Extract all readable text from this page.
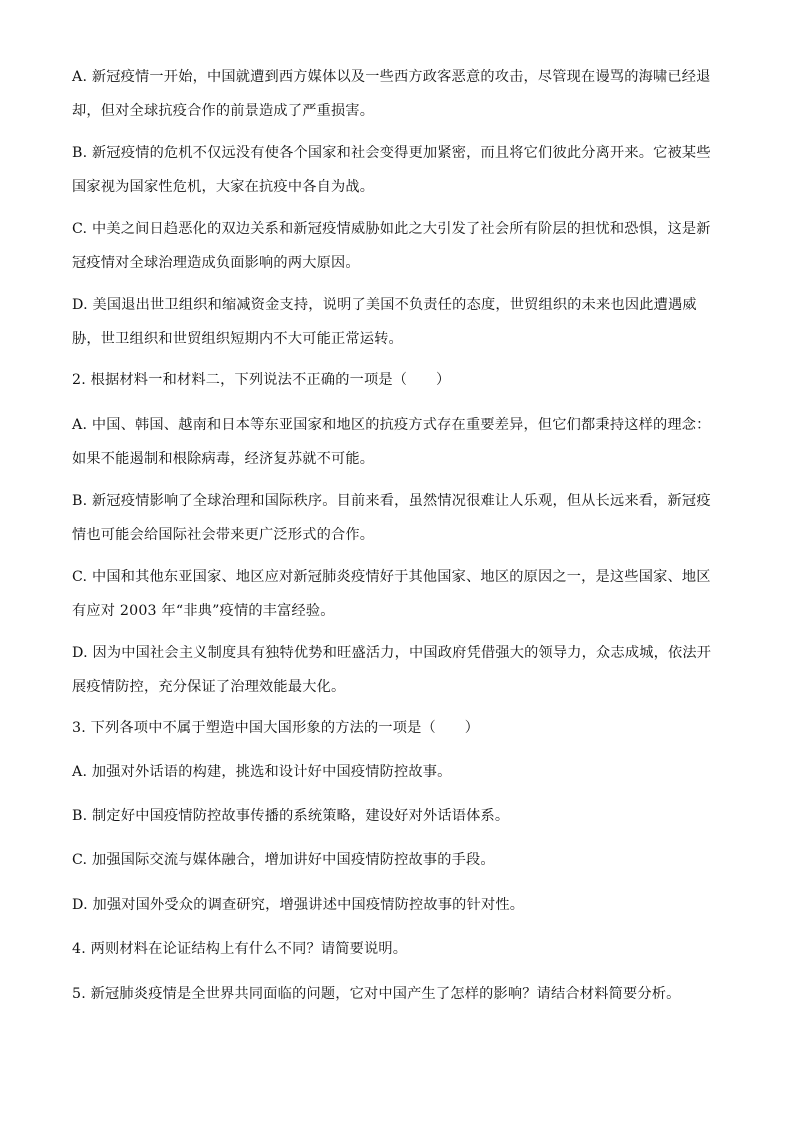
A. 新冠疫情一开始，中国就遭到西方媒体以及一些西方政客恶意的攻击，尽管现在谩骂的海啸已经退却，但对全球抗疫合作的前景造成了严重损害。

B. 新冠疫情的危机不仅远没有使各个国家和社会变得更加紧密，而且将它们彼此分离开来。它被某些国家视为国家性危机，大家在抗疫中各自为战。

C. 中美之间日趋恶化的双边关系和新冠疫情威胁如此之大引发了社会所有阶层的担忧和恐惧，这是新冠疫情对全球治理造成负面影响的两大原因。

D. 美国退出世卫组织和缩减资金支持，说明了美国不负责任的态度，世贸组织的未来也因此遭遇威胁，世卫组织和世贸组织短期内不大可能正常运转。

2. 根据材料一和材料二，下列说法不正确的一项是（　　）

A. 中国、韩国、越南和日本等东亚国家和地区的抗疫方式存在重要差异，但它们都秉持这样的理念：如果不能遏制和根除病毒，经济复苏就不可能。

B. 新冠疫情影响了全球治理和国际秩序。目前来看，虽然情况很难让人乐观，但从长远来看，新冠疫情也可能会给国际社会带来更广泛形式的合作。

C. 中国和其他东亚国家、地区应对新冠肺炎疫情好于其他国家、地区的原因之一，是这些国家、地区有应对 2003 年“非典”疫情的丰富经验。

D. 因为中国社会主义制度具有独特优势和旺盛活力，中国政府凭借强大的领导力，众志成城，依法开展疫情防控，充分保证了治理效能最大化。

3. 下列各项中不属于塑造中国大国形象的方法的一项是（　　）

A. 加强对外话语的构建，挑选和设计好中国疫情防控故事。

B. 制定好中国疫情防控故事传播的系统策略，建设好对外话语体系。

C. 加强国际交流与媒体融合，增加讲好中国疫情防控故事的手段。

D. 加强对国外受众的调查研究，增强讲述中国疫情防控故事的针对性。

4. 两则材料在论证结构上有什么不同？请简要说明。

5. 新冠肺炎疫情是全世界共同面临的问题，它对中国产生了怎样的影响？请结合材料简要分析。
